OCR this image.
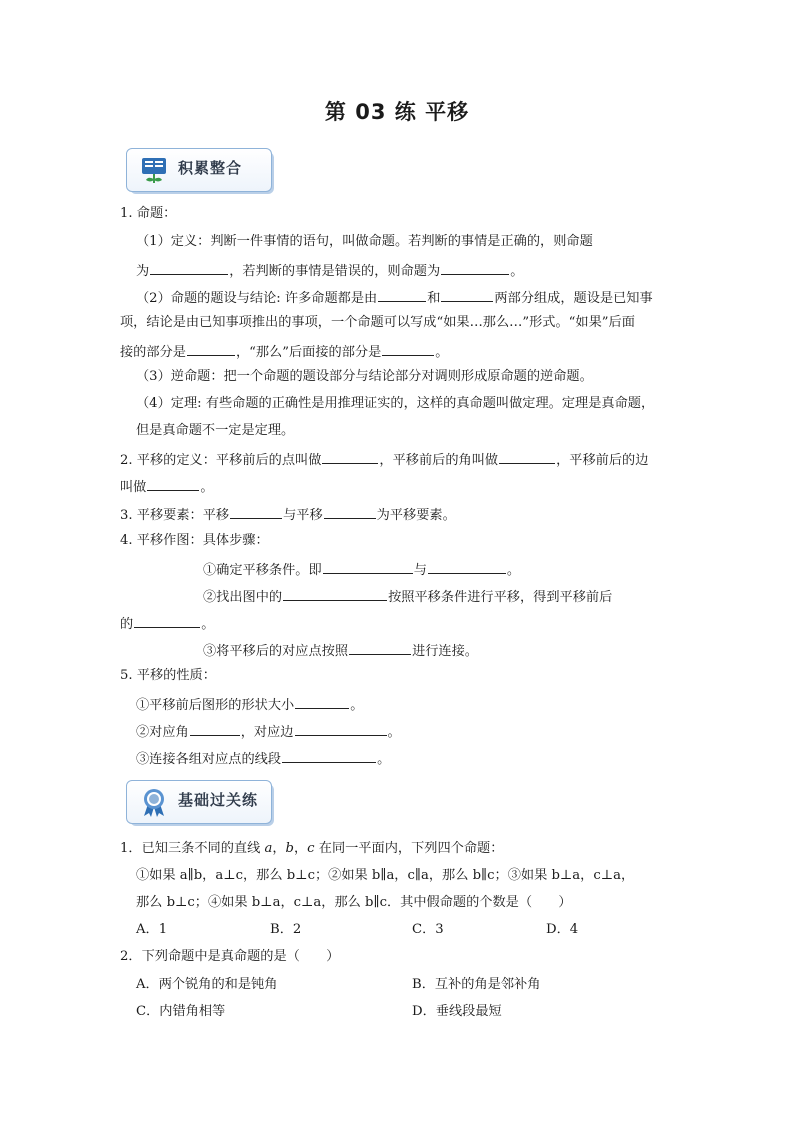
第 03 练 平移
积累整合
1. 命题：
（1）定义：判断一件事情的语句，叫做命题。若判断的事情是正确的，则命题
为	，若判断的事情是错误的，则命题为	。
（2）命题的题设与结论: 许多命题都是由	和	两部分组成，题设是已知事
项，结论是由已知事项推出的事项，一个命题可以写成“如果…那么…”形式。“如果”后面
接的部分是	，“那么”后面接的部分是	。
（3）逆命题：把一个命题的题设部分与结论部分对调则形成原命题的逆命题。
（4）定理: 有些命题的正确性是用推理证实的，这样的真命题叫做定理。定理是真命题，
但是真命题不一定是定理。
2. 平移的定义：平移前后的点叫做	，平移前后的角叫做	，平移前后的边
叫做	。
3. 平移要素：平移	与平移	为平移要素。
4. 平移作图：具体步骤：
①确定平移条件。即	与	。
②找出图中的	按照平移条件进行平移，得到平移前后
的	。
③将平移后的对应点按照	进行连接。
5. 平移的性质：
①平移前后图形的形状大小	。
②对应角	，对应边	。
③连接各组对应点的线段	。
基础过关练
1．已知三条不同的直线 a，b，c 在同一平面内，下列四个命题：
①如果 a∥b，a⊥c，那么 b⊥c；②如果 b∥a，c∥a，那么 b∥c；③如果 b⊥a，c⊥a，
那么 b⊥c；④如果 b⊥a，c⊥a，那么 b∥c．其中假命题的个数是（　　）
A．1	B．2	C．3	D．4
2．下列命题中是真命题的是（　　）
A．两个锐角的和是钝角	B．互补的角是邻补角
C．内错角相等	D．垂线段最短
